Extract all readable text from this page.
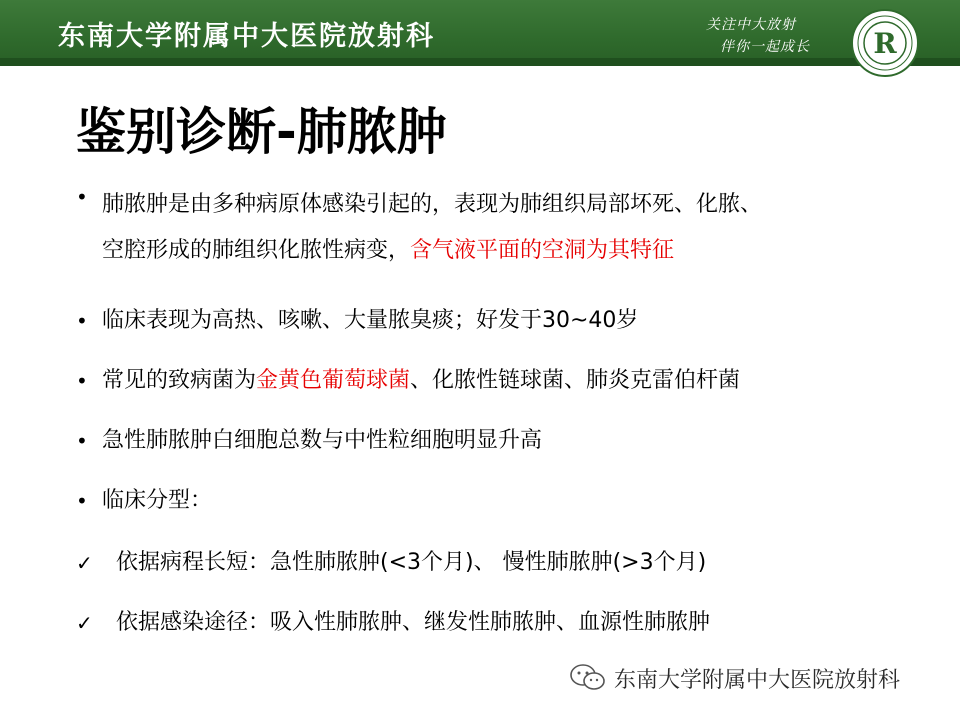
东南大学附属中大医院放射科	关注中大放射
伴你一起成长 R
鉴别诊断-肺脓肿
• 肺脓肿是由多种病原体感染引起的，表现为肺组织局部坏死、化脓、
空腔形成的肺组织化脓性病变，含气液平面的空洞为其特征
• 临床表现为高热、咳嗽、大量脓臭痰；好发于30~40岁
• 常见的致病菌为金黄色葡萄球菌、化脓性链球菌、肺炎克雷伯杆菌
• 急性肺脓肿白细胞总数与中性粒细胞明显升高
• 临床分型：
✓	依据病程长短：急性肺脓肿(<3个月)、 慢性肺脓肿(>3个月)
✓	依据感染途径：吸入性肺脓肿、继发性肺脓肿、血源性肺脓肿
东南大学附属中大医院放射科
